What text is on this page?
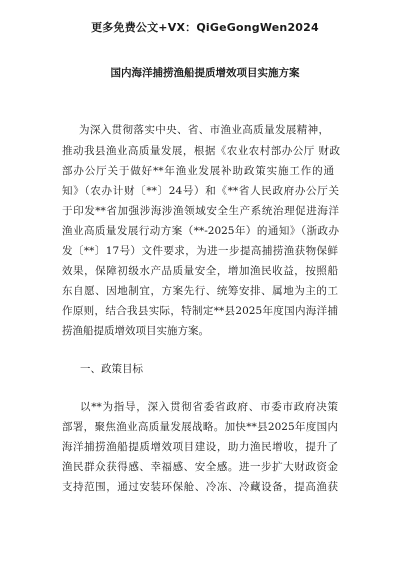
更多免费公文+VX：QiGeGongWen2024
国内海洋捕捞渔船提质增效项目实施方案
为深入贯彻落实中央、省、市渔业高质量发展精神，
推动我县渔业高质量发展，根据《农业农村部办公厅 财政
部办公厅关于做好**年渔业发展补助政策实施工作的通
知》（农办计财〔**〕24号）和《**省人民政府办公厅关
于印发**省加强涉海涉渔领域安全生产系统治理促进海洋
渔业高质量发展行动方案（**-2025年）的通知》（浙政办
发〔**〕17号）文件要求，为进一步提高捕捞渔获物保鲜
效果，保障初级水产品质量安全，增加渔民收益，按照船
东自愿、因地制宜，方案先行、统筹安排、属地为主的工
作原则，结合我县实际，特制定**县2025年度国内海洋捕
捞渔船提质增效项目实施方案。
一、政策目标
以**为指导，深入贯彻省委省政府、市委市政府决策
部署，聚焦渔业高质量发展战略。加快**县2025年度国内
海洋捕捞渔船提质增效项目建设，助力渔民增收，提升了
渔民群众获得感、幸福感、安全感。进一步扩大财政资金
支持范围，通过安装环保舱、冷冻、冷藏设备，提高渔获
